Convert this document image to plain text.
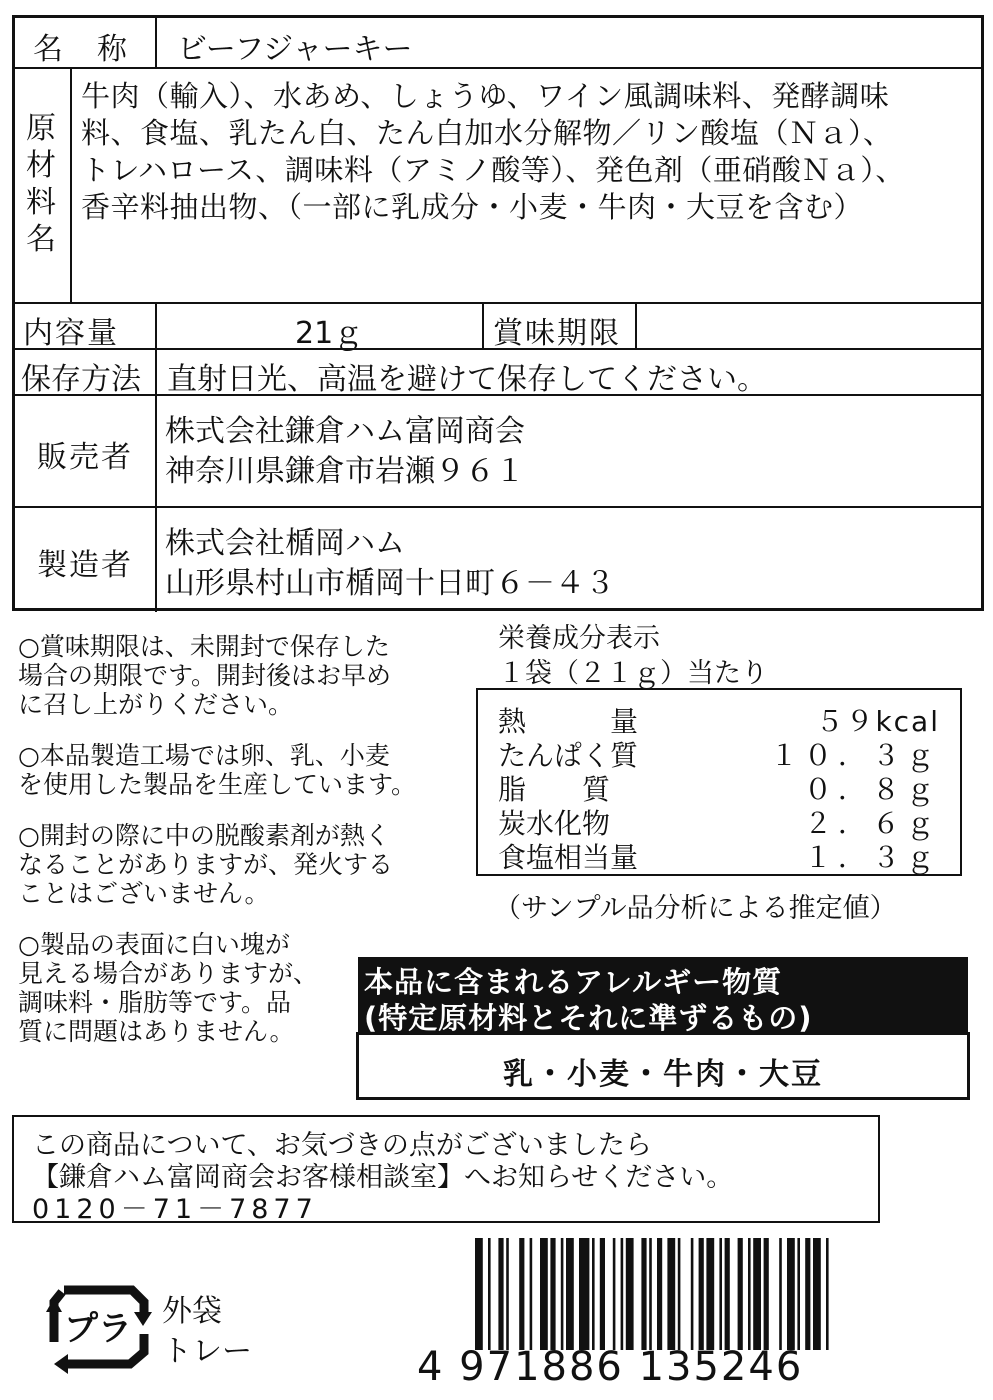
名　称 ビーフジャーキー
原材料名
牛肉（輸入）、水あめ、しょうゆ、ワイン風調味料、発酵調味
料、食塩、乳たん白、たん白加水分解物／リン酸塩（Ｎａ）、
トレハロース、調味料（アミノ酸等）、発色剤（亜硝酸Ｎａ）、
香辛料抽出物、（一部に乳成分・小麦・牛肉・大豆を含む）
内容量	21ｇ	賞味期限
保存方法 直射日光、高温を避けて保存してください。
販売者
株式会社鎌倉ハム富岡商会
神奈川県鎌倉市岩瀬９６１
製造者
株式会社楯岡ハム
山形県村山市楯岡十日町６－４３

○賞味期限は、未開封で保存した
場合の期限です。開封後はお早め
に召し上がりください。

○本品製造工場では卵、乳、小麦
を使用した製品を生産しています。

○開封の際に中の脱酸素剤が熱く
なることがありますが、発火する
ことはございません。

○製品の表面に白い塊が
見える場合がありますが、
調味料・脂肪等です。品
質に問題はありません。

栄養成分表示
１袋（２１ｇ）当たり
熱　　　量	５９kcal
たんぱく質	１０．３ｇ
脂　　質	０．８ｇ
炭水化物	２．６ｇ
食塩相当量	１．３ｇ
（サンプル品分析による推定値）
本品に含まれるアレルギー物質
(特定原材料とそれに準ずるもの)
乳・小麦・牛肉・大豆
この商品について、お気づきの点がございましたら
【鎌倉ハム富岡商会お客様相談室】へお知らせください。
0120－71－7877
プラ 外袋
トレー	4 971886 135246
